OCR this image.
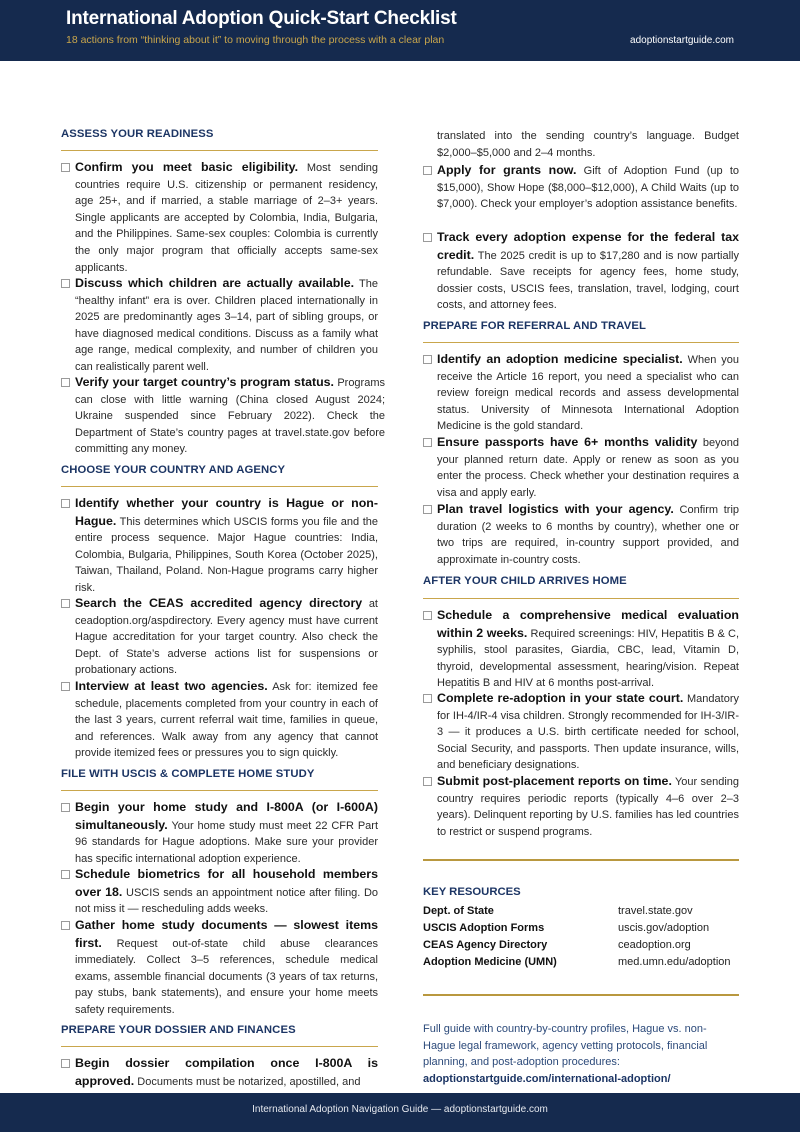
International Adoption Quick-Start Checklist
18 actions from “thinking about it” to moving through the process with a clear plan	adoptionstartguide.com
ASSESS YOUR READINESS
Confirm you meet basic eligibility. Most sending countries require U.S. citizenship or permanent residency, age 25+, and if married, a stable marriage of 2–3+ years. Single applicants are accepted by Colombia, India, Bulgaria, and the Philippines. Same-sex couples: Colombia is currently the only major program that officially accepts same-sex applicants.
Discuss which children are actually available. The “healthy infant” era is over. Children placed internationally in 2025 are predominantly ages 3–14, part of sibling groups, or have diagnosed medical conditions. Discuss as a family what age range, medical complexity, and number of children you can realistically parent well.
Verify your target country’s program status. Programs can close with little warning (China closed August 2024; Ukraine suspended since February 2022). Check the Department of State’s country pages at travel.state.gov before committing any money.
CHOOSE YOUR COUNTRY AND AGENCY
Identify whether your country is Hague or non-Hague. This determines which USCIS forms you file and the entire process sequence. Major Hague countries: India, Colombia, Bulgaria, Philippines, South Korea (October 2025), Taiwan, Thailand, Poland. Non-Hague programs carry higher risk.
Search the CEAS accredited agency directory at ceadoption.org/aspdirectory. Every agency must have current Hague accreditation for your target country. Also check the Dept. of State’s adverse actions list for suspensions or probationary actions.
Interview at least two agencies. Ask for: itemized fee schedule, placements completed from your country in each of the last 3 years, current referral wait time, families in queue, and references. Walk away from any agency that cannot provide itemized fees or pressures you to sign quickly.
FILE WITH USCIS & COMPLETE HOME STUDY
Begin your home study and I-800A (or I-600A) simultaneously. Your home study must meet 22 CFR Part 96 standards for Hague adoptions. Make sure your provider has specific international adoption experience.
Schedule biometrics for all household members over 18. USCIS sends an appointment notice after filing. Do not miss it — rescheduling adds weeks.
Gather home study documents — slowest items first. Request out-of-state child abuse clearances immediately. Collect 3–5 references, schedule medical exams, assemble financial documents (3 years of tax returns, pay stubs, bank statements), and ensure your home meets safety requirements.
PREPARE YOUR DOSSIER AND FINANCES
Begin dossier compilation once I-800A is approved. Documents must be notarized, apostilled, and
translated into the sending country’s language. Budget $2,000–$5,000 and 2–4 months.
Apply for grants now. Gift of Adoption Fund (up to $15,000), Show Hope ($8,000–$12,000), A Child Waits (up to $7,000). Check your employer’s adoption assistance benefits.
Track every adoption expense for the federal tax credit. The 2025 credit is up to $17,280 and is now partially refundable. Save receipts for agency fees, home study, dossier costs, USCIS fees, translation, travel, lodging, court costs, and attorney fees.
PREPARE FOR REFERRAL AND TRAVEL
Identify an adoption medicine specialist. When you receive the Article 16 report, you need a specialist who can review foreign medical records and assess developmental status. University of Minnesota International Adoption Medicine is the gold standard.
Ensure passports have 6+ months validity beyond your planned return date. Apply or renew as soon as you enter the process. Check whether your destination requires a visa and apply early.
Plan travel logistics with your agency. Confirm trip duration (2 weeks to 6 months by country), whether one or two trips are required, in-country support provided, and approximate in-country costs.
AFTER YOUR CHILD ARRIVES HOME
Schedule a comprehensive medical evaluation within 2 weeks. Required screenings: HIV, Hepatitis B & C, syphilis, stool parasites, Giardia, CBC, lead, Vitamin D, thyroid, developmental assessment, hearing/vision. Repeat Hepatitis B and HIV at 6 months post-arrival.
Complete re-adoption in your state court. Mandatory for IH-4/IR-4 visa children. Strongly recommended for IH-3/IR-3 — it produces a U.S. birth certificate needed for school, Social Security, and passports. Then update insurance, wills, and beneficiary designations.
Submit post-placement reports on time. Your sending country requires periodic reports (typically 4–6 over 2–3 years). Delinquent reporting by U.S. families has led countries to restrict or suspend programs.
KEY RESOURCES
Dept. of State	travel.state.gov
USCIS Adoption Forms	uscis.gov/adoption
CEAS Agency Directory	ceadoption.org
Adoption Medicine (UMN)	med.umn.edu/adoption
Full guide with country-by-country profiles, Hague vs. non-Hague legal framework, agency vetting protocols, financial planning, and post-adoption procedures:
adoptionstartguide.com/international-adoption/
International Adoption Navigation Guide — adoptionstartguide.com
